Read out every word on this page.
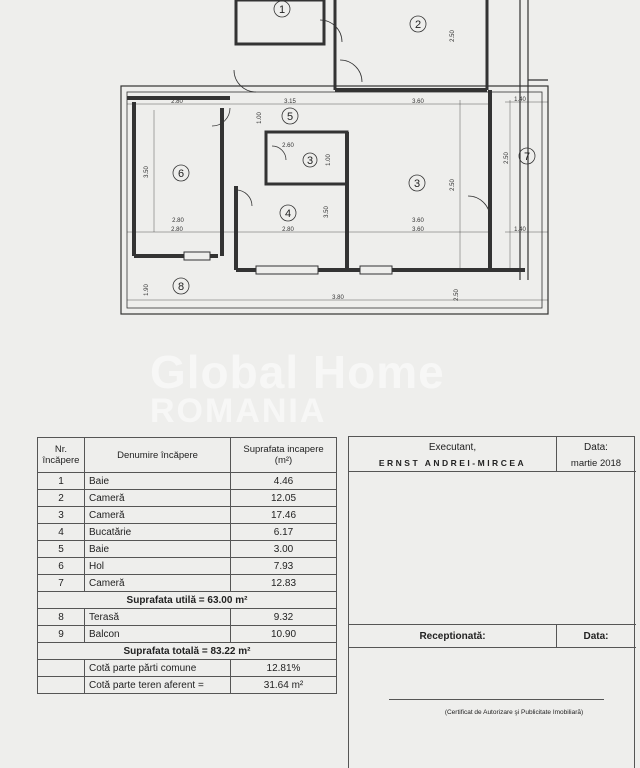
1
2
3
3
4
5
6
7
8
2.80	3.15	3.60	1.40
1.40
2.80	2.80	3.60
3.80
3.50
3.50
2.50
1.00
1.00
2.60
2.50
2.50
1.90
2.50
2.80	3.60
Global Home
ROMANIA
Nr. încăpere	Denumire încăpere	Suprafata incapere (m²)
1	Baie	4.46
2	Cameră	12.05
3	Cameră	17.46
4	Bucatărie	6.17
5	Baie	3.00
6	Hol	7.93
7	Cameră	12.83
Suprafata utilă = 63.00 m²		
8	Terasă	9.32
9	Balcon	10.90
Suprafata totală = 83.22 m²		
	Cotă parte părti comune	12.81%
	Cotă parte teren aferent =	31.64 m²
Executant,
ERNST ANDREI-MIRCEA
Data:
martie 2018
Receptionată:	Data:
(Certificat de Autorizare şi Publicitate Imobiliară)
